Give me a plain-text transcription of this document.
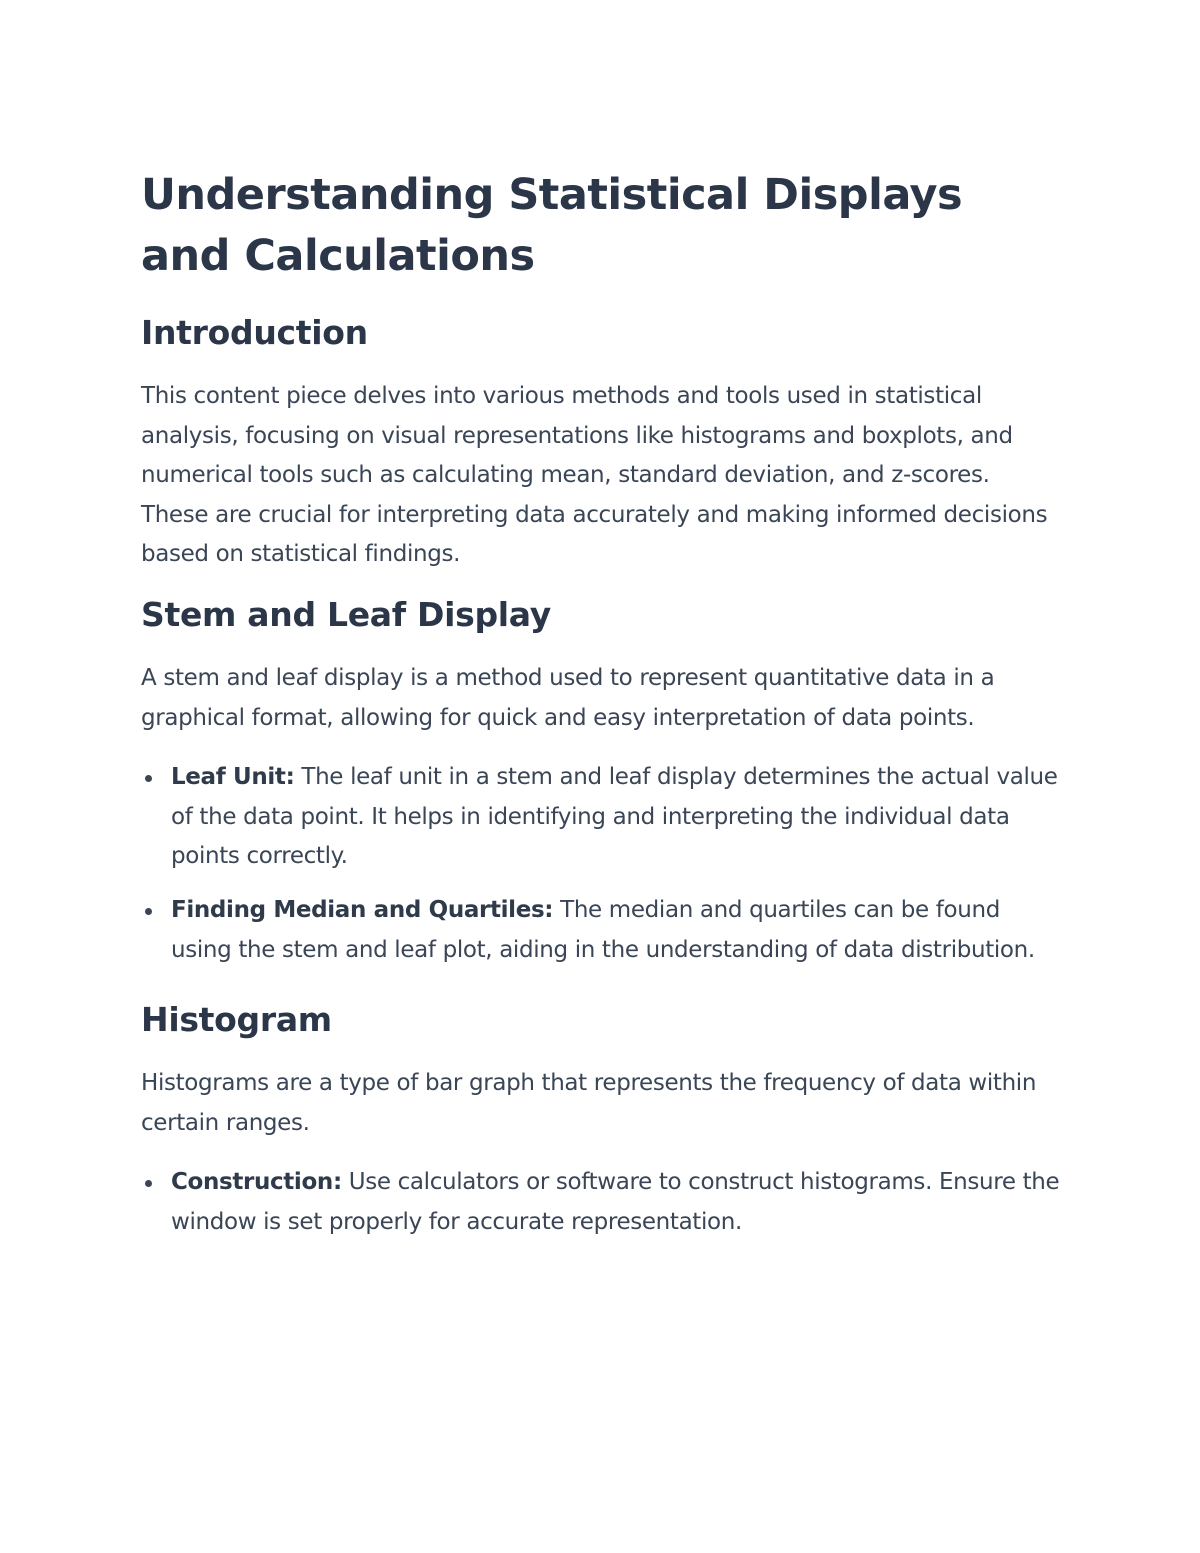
Understanding Statistical Displays and Calculations
Introduction

This content piece delves into various methods and tools used in statistical analysis, focusing on visual representations like histograms and boxplots, and numerical tools such as calculating mean, standard deviation, and z-scores. These are crucial for interpreting data accurately and making informed decisions based on statistical findings.

Stem and Leaf Display

A stem and leaf display is a method used to represent quantitative data in a graphical format, allowing for quick and easy interpretation of data points.

Leaf Unit: The leaf unit in a stem and leaf display determines the actual value of the data point. It helps in identifying and interpreting the individual data points correctly.
Finding Median and Quartiles: The median and quartiles can be found using the stem and leaf plot, aiding in the understanding of data distribution.
Histogram

Histograms are a type of bar graph that represents the frequency of data within certain ranges.

Construction: Use calculators or software to construct histograms. Ensure the window is set properly for accurate representation.
